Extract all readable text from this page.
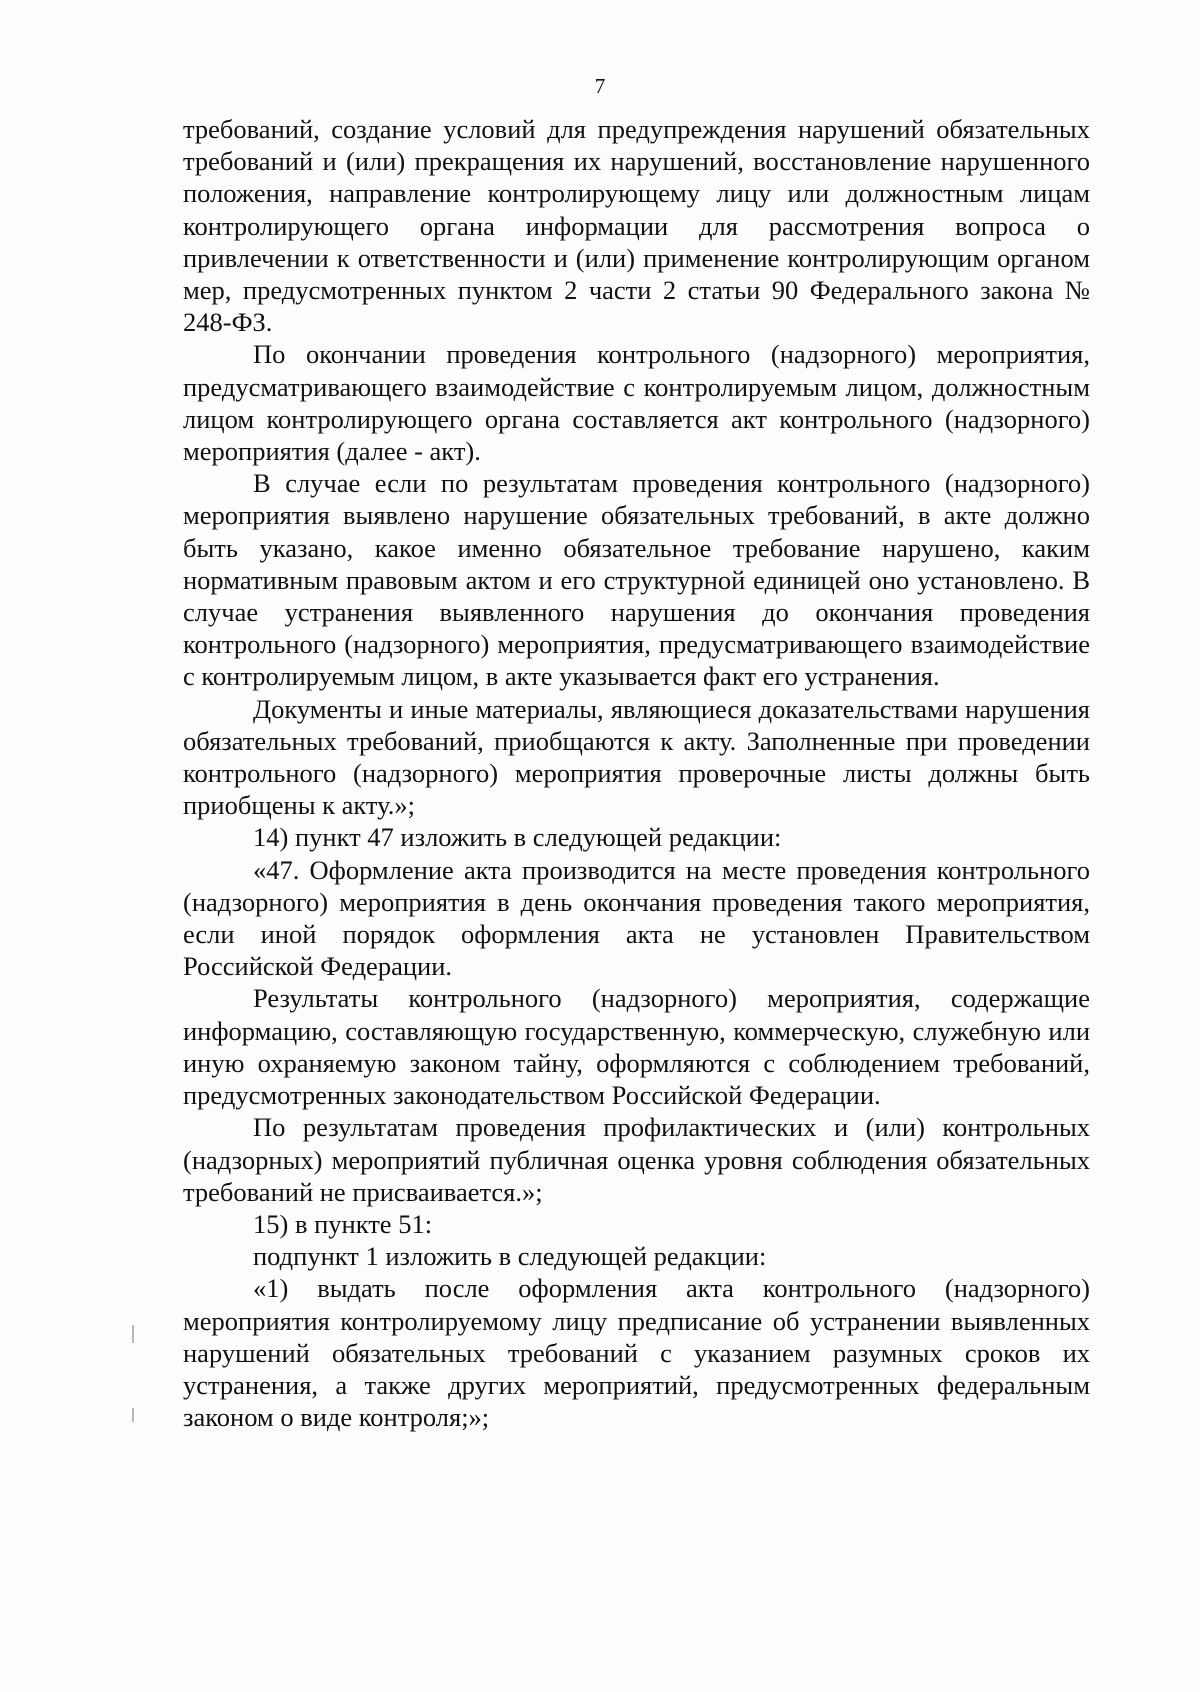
7

требований, создание условий для предупреждения нарушений обязательных требований и (или) прекращения их нарушений, восстановление нарушенного положения, направление контролирующему лицу или должностным лицам контролирующего органа информации для рассмотрения вопроса о привлечении к ответственности и (или) применение контролирующим органом мер, предусмотренных пунктом 2 части 2 статьи 90 Федерального закона № 248-ФЗ.

По окончании проведения контрольного (надзорного) мероприятия, предусматривающего взаимодействие с контролируемым лицом, должностным лицом контролирующего органа составляется акт контрольного (надзорного) мероприятия (далее - акт).

В случае если по результатам проведения контрольного (надзорного) мероприятия выявлено нарушение обязательных требований, в акте должно быть указано, какое именно обязательное требование нарушено, каким нормативным правовым актом и его структурной единицей оно установлено. В случае устранения выявленного нарушения до окончания проведения контрольного (надзорного) мероприятия, предусматривающего взаимодействие с контролируемым лицом, в акте указывается факт его устранения.

Документы и иные материалы, являющиеся доказательствами нарушения обязательных требований, приобщаются к акту. Заполненные при проведении контрольного (надзорного) мероприятия проверочные листы должны быть приобщены к акту.»;

14) пункт 47 изложить в следующей редакции:

«47. Оформление акта производится на месте проведения контрольного (надзорного) мероприятия в день окончания проведения такого мероприятия, если иной порядок оформления акта не установлен Правительством Российской Федерации.

Результаты контрольного (надзорного) мероприятия, содержащие информацию, составляющую государственную, коммерческую, служебную или иную охраняемую законом тайну, оформляются с соблюдением требований, предусмотренных законодательством Российской Федерации.

По результатам проведения профилактических и (или) контрольных (надзорных) мероприятий публичная оценка уровня соблюдения обязательных требований не присваивается.»;

15) в пункте 51:

подпункт 1 изложить в следующей редакции:

«1) выдать после оформления акта контрольного (надзорного) мероприятия контролируемому лицу предписание об устранении выявленных нарушений обязательных требований с указанием разумных сроков их устранения, а также других мероприятий, предусмотренных федеральным законом о виде контроля;»;
